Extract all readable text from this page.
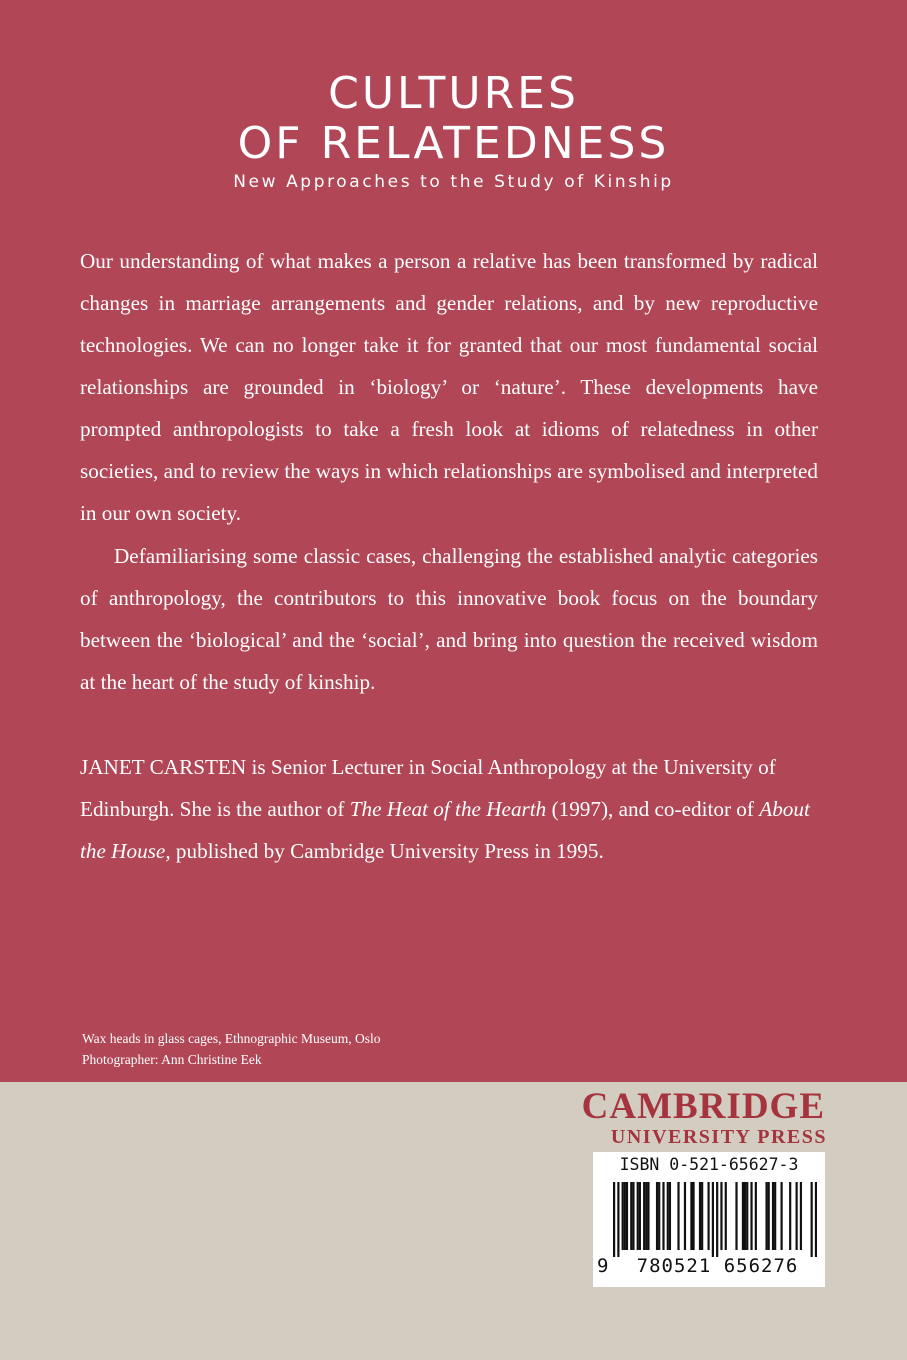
CULTURES
OF RELATEDNESS

New Approaches to the Study of Kinship

Our understanding of what makes a person a relative has been transformed by radical changes in marriage arrangements and gender relations, and by new reproductive technologies. We can no longer take it for granted that our most fundamental social relationships are grounded in ‘biology’ or ‘nature’. These developments have prompted anthropologists to take a fresh look at idioms of relatedness in other societies, and to review the ways in which relationships are symbolised and interpreted in our own society.

Defamiliarising some classic cases, challenging the established analytic categories of anthropology, the contributors to this innovative book focus on the boundary between the ‘biological’ and the ‘social’, and bring into question the received wisdom at the heart of the study of kinship.

JANET CARSTEN is Senior Lecturer in Social Anthropology at the University of Edinburgh. She is the author of The Heat of the Hearth (1997), and co-editor of About the House, published by Cambridge University Press in 1995.

Wax heads in glass cages, Ethnographic Museum, Oslo

Photographer: Ann Christine Eek

CAMBRIDGE

UNIVERSITY PRESS

ISBN 0-521-65627-3

9	780521 656276
